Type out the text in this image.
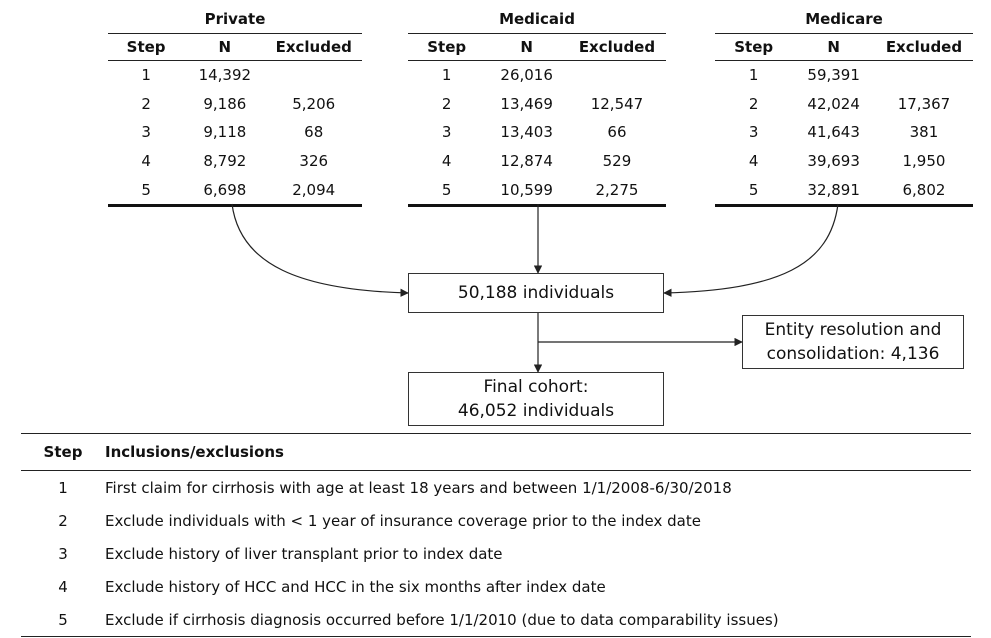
Private
Step	N	Excluded
1	14,392	
2	9,186	5,206
3	9,118	68
4	8,792	326
5	6,698	2,094
Medicaid
Step	N	Excluded
1	26,016	
2	13,469	12,547
3	13,403	66
4	12,874	529
5	10,599	2,275
Medicare
Step	N	Excluded
1	59,391	
2	42,024	17,367
3	41,643	381
4	39,693	1,950
5	32,891	6,802
50,188 individuals
Entity resolution and
consolidation: 4,136
Final cohort:
46,052 individuals
Step	Inclusions/exclusions
1	First claim for cirrhosis with age at least 18 years and between 1/1/2008-6/30/2018
2	Exclude individuals with < 1 year of insurance coverage prior to the index date
3	Exclude history of liver transplant prior to index date
4	Exclude history of HCC and HCC in the six months after index date
5	Exclude if cirrhosis diagnosis occurred before 1/1/2010 (due to data comparability issues)
